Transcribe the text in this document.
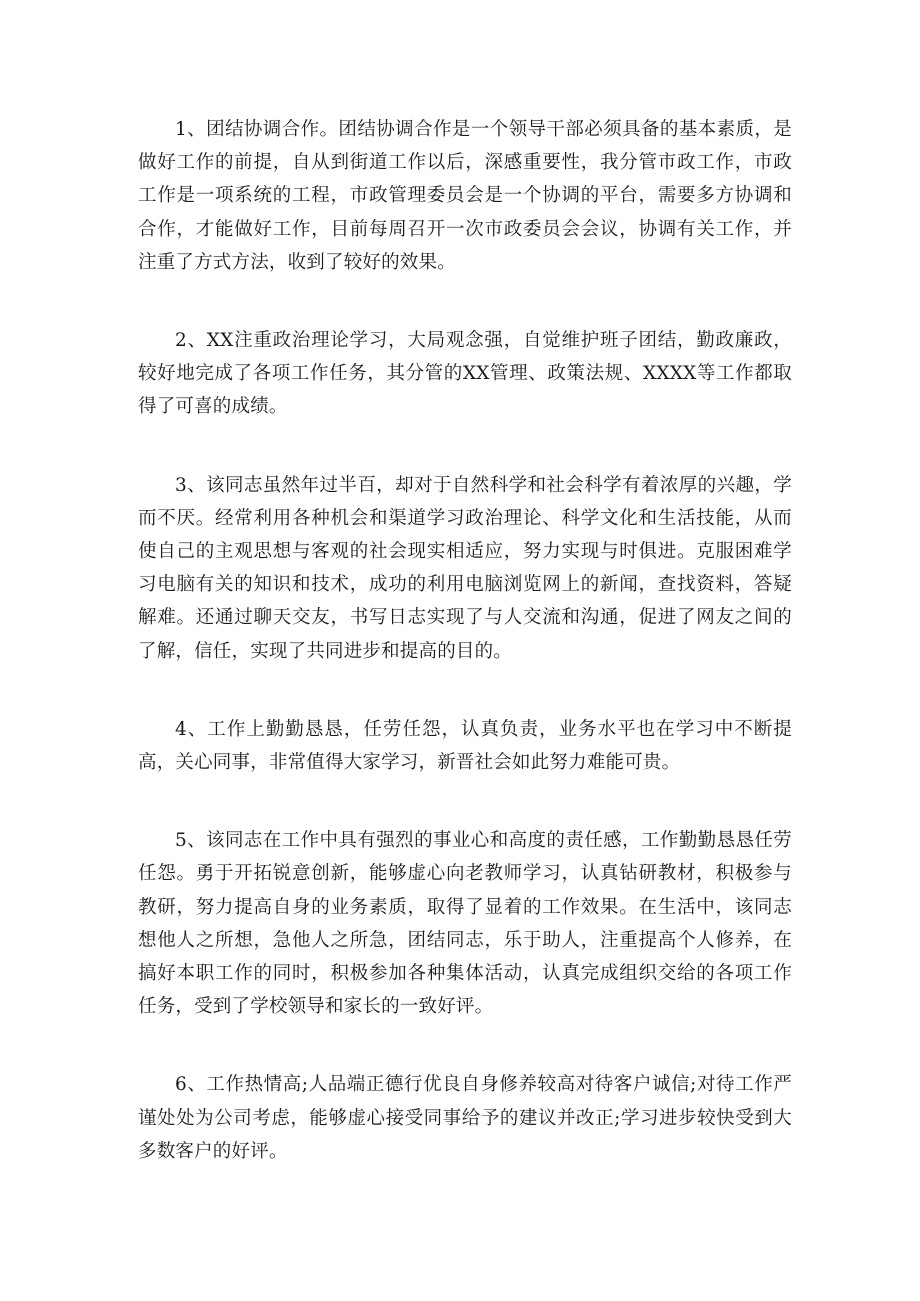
1、团结协调合作。团结协调合作是一个领导干部必须具备的基本素质，是做好工作的前提，自从到街道工作以后，深感重要性，我分管市政工作，市政工作是一项系统的工程，市政管理委员会是一个协调的平台，需要多方协调和合作，才能做好工作，目前每周召开一次市政委员会会议，协调有关工作，并注重了方式方法，收到了较好的效果。

2、XX注重政治理论学习，大局观念强，自觉维护班子团结，勤政廉政，较好地完成了各项工作任务，其分管的XX管理、政策法规、XXXX等工作都取得了可喜的成绩。

3、该同志虽然年过半百，却对于自然科学和社会科学有着浓厚的兴趣，学而不厌。经常利用各种机会和渠道学习政治理论、科学文化和生活技能，从而使自己的主观思想与客观的社会现实相适应，努力实现与时俱进。克服困难学习电脑有关的知识和技术，成功的利用电脑浏览网上的新闻，查找资料，答疑解难。还通过聊天交友，书写日志实现了与人交流和沟通，促进了网友之间的了解，信任，实现了共同进步和提高的目的。

4、工作上勤勤恳恳，任劳任怨，认真负责，业务水平也在学习中不断提高，关心同事，非常值得大家学习，新晋社会如此努力难能可贵。

5、该同志在工作中具有强烈的事业心和高度的责任感，工作勤勤恳恳任劳任怨。勇于开拓锐意创新，能够虚心向老教师学习，认真钻研教材，积极参与教研，努力提高自身的业务素质，取得了显着的工作效果。在生活中，该同志想他人之所想，急他人之所急，团结同志，乐于助人，注重提高个人修养，在搞好本职工作的同时，积极参加各种集体活动，认真完成组织交给的各项工作任务，受到了学校领导和家长的一致好评。

6、工作热情高;人品端正德行优良自身修养较高对待客户诚信;对待工作严谨处处为公司考虑，能够虚心接受同事给予的建议并改正;学习进步较快受到大多数客户的好评。
